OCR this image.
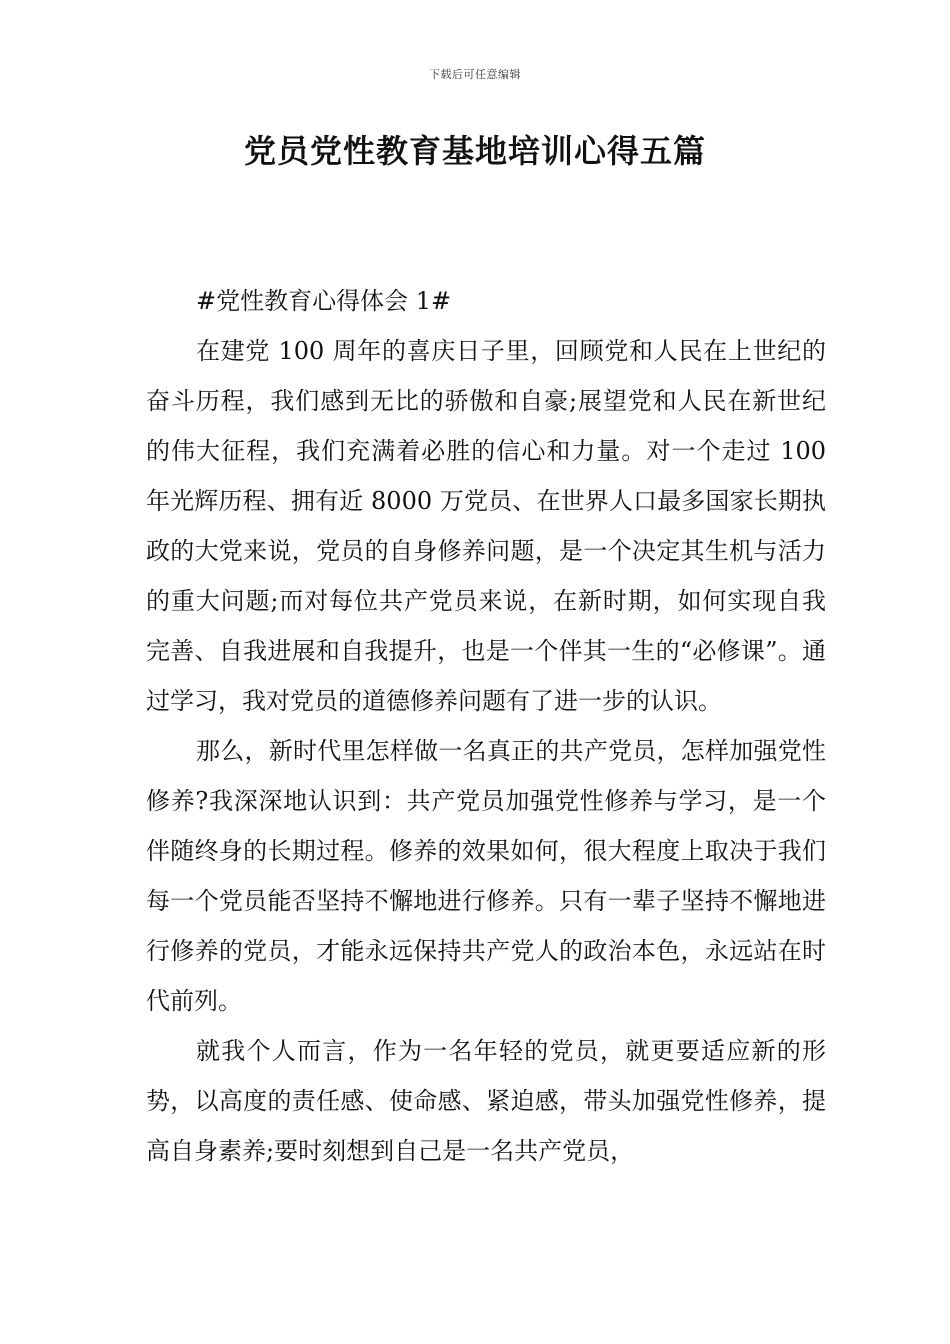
下载后可任意编辑
党员党性教育基地培训心得五篇
#党性教育心得体会 1#

在建党 100 周年的喜庆日子里，回顾党和人民在上世纪的奋斗历程，我们感到无比的骄傲和自豪;展望党和人民在新世纪的伟大征程，我们充满着必胜的信心和力量。对一个走过 100 年光辉历程、拥有近 8000 万党员、在世界人口最多国家长期执政的大党来说，党员的自身修养问题，是一个决定其生机与活力的重大问题;而对每位共产党员来说，在新时期，如何实现自我完善、自我进展和自我提升，也是一个伴其一生的“必修课”。通过学习，我对党员的道德修养问题有了进一步的认识。

那么，新时代里怎样做一名真正的共产党员，怎样加强党性修养?我深深地认识到：共产党员加强党性修养与学习，是一个伴随终身的长期过程。修养的效果如何，很大程度上取决于我们每一个党员能否坚持不懈地进行修养。只有一辈子坚持不懈地进行修养的党员，才能永远保持共产党人的政治本色，永远站在时代前列。

就我个人而言，作为一名年轻的党员，就更要适应新的形势，以高度的责任感、使命感、紧迫感，带头加强党性修养，提高自身素养;要时刻想到自己是一名共产党员，
